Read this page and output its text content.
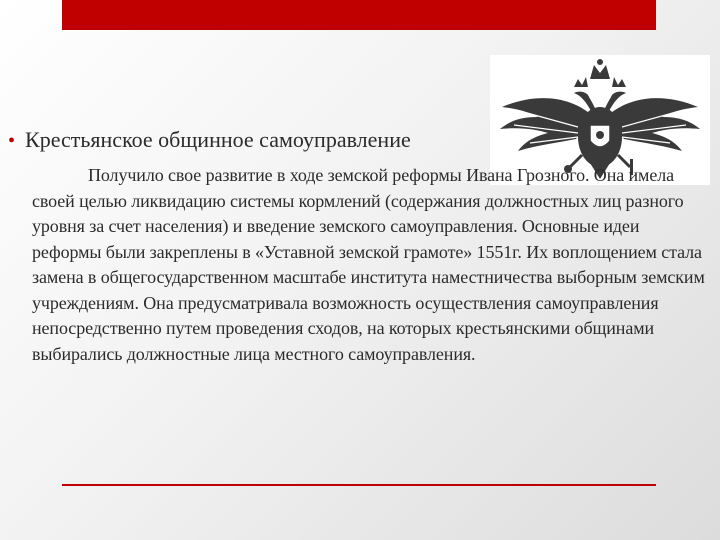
• Крестьянское общинное самоуправление
Получило свое развитие в ходе земской реформы Ивана Грозного. Она имела своей целью ликвидацию системы кормлений (содержания должностных лиц разного уровня за счет населения) и введение земского самоуправления. Основные идеи реформы были закреплены в «Уставной земской грамоте» 1551г. Их воплощением стала замена в общегосударственном масштабе института наместничества выборным земским учреждениям. Она предусматривала возможность осуществления самоуправления непосредственно путем проведения сходов, на которых крестьянскими общинами выбирались должностные лица местного самоуправления.
